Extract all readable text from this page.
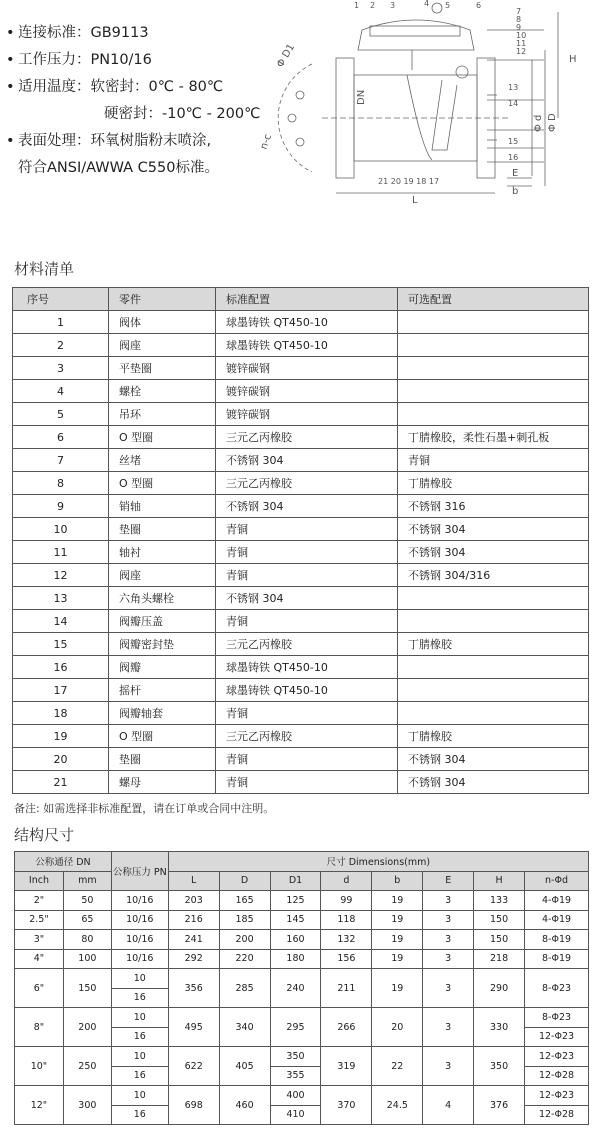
• 连接标准：GB9113
• 工作压力：PN10/16
• 适用温度：软密封：0℃ - 80℃
硬密封：-10℃ - 200℃
• 表面处理：环氧树脂粉末喷涂,
符合ANSI/AWWA C550标准。
Φ D1
n-c
DN
H
Φ d Φ D
E
b
L
21 20 19 18 17
1 2 3	4 5	6
7
8
9
10
11
12
13
14
15
16
材料清单
序号	零件	标准配置	可选配置
1	阀体	球墨铸铁 QT450-10	
2	阀座	球墨铸铁 QT450-10	
3	平垫圈	镀锌碳钢	
4	螺栓	镀锌碳钢	
5	吊环	镀锌碳钢	
6	O 型圈	三元乙丙橡胶	丁腈橡胶，柔性石墨+刺孔板
7	丝堵	不锈钢 304	青铜
8	O 型圈	三元乙丙橡胶	丁腈橡胶
9	销轴	不锈钢 304	不锈钢 316
10	垫圈	青铜	不锈钢 304
11	轴衬	青铜	不锈钢 304
12	阀座	青铜	不锈钢 304/316
13	六角头螺栓	不锈钢 304	
14	阀瓣压盖	青铜	
15	阀瓣密封垫	三元乙丙橡胶	丁腈橡胶
16	阀瓣	球墨铸铁 QT450-10	
17	摇杆	球墨铸铁 QT450-10	
18	阀瓣轴套	青铜	
19	O 型圈	三元乙丙橡胶	丁腈橡胶
20	垫圈	青铜	不锈钢 304
21	螺母	青铜	不锈钢 304
备注: 如需选择非标准配置，请在订单或合同中注明。
结构尺寸
公称通径 DN		公称压力 PN	尺寸 Dimensions(mm)							
Inch	mm		L	D	D1	d	b	E	H	n-Φd
2"	50	10/16	203	165	125	99	19	3	133	4-Φ19
2.5"	65	10/16	216	185	145	118	19	3	150	4-Φ19
3"	80	10/16	241	200	160	132	19	3	150	8-Φ19
4"	100	10/16	292	220	180	156	19	3	218	8-Φ19
6"	150	10	356	285	240	211	19	3	290	8-Φ23
		16								
8"	200	10	495	340	295	266	20	3	330	8-Φ23
		16								12-Φ23
10"	250	10	622	405	350	319	22	3	350	12-Φ23
		16			355					12-Φ28
12"	300	10	698	460	400	370	24.5	4	376	12-Φ23
		16			410					12-Φ28
